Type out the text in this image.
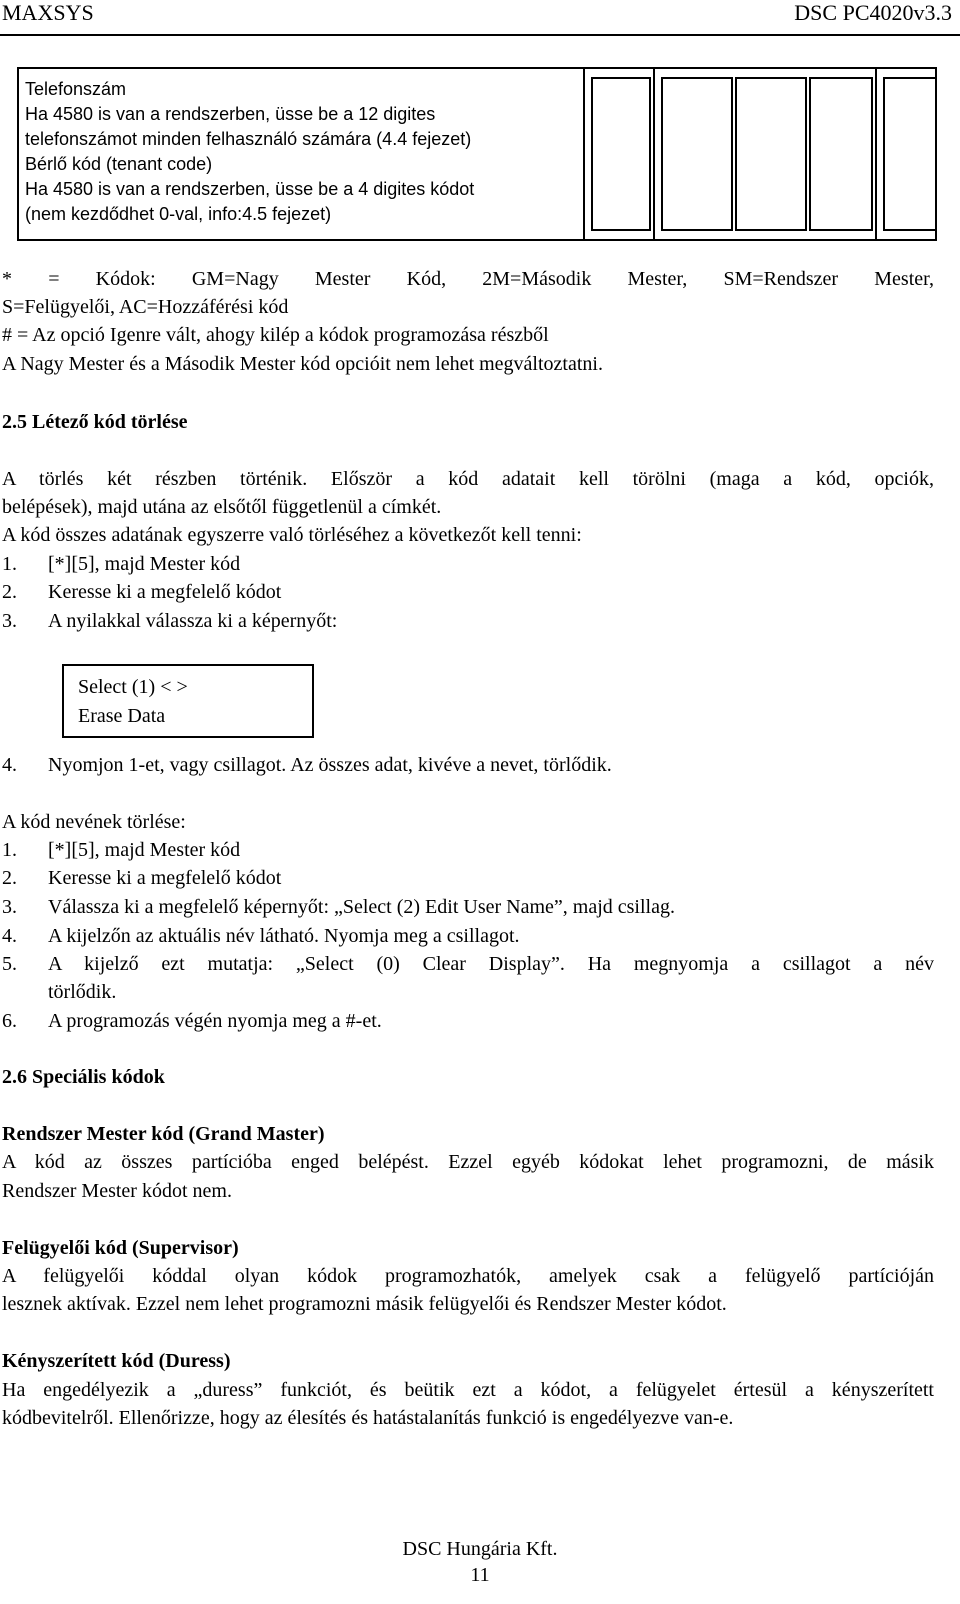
MAXSYS	DSC PC4020v3.3
Telefonszám
Ha 4580 is van a rendszerben, üsse be a 12 digites
telefonszámot minden felhasználó számára (4.4 fejezet)
Bérlő kód (tenant code)
Ha 4580 is van a rendszerben, üsse be a 4 digites kódot
(nem kezdődhet 0-val, info:4.5 fejezet)
* = Kódok: GM=Nagy Mester Kód, 2M=Második Mester, SM=Rendszer Mester,
S=Felügyelői, AC=Hozzáférési kód
# = Az opció Igenre vált, ahogy kilép a kódok programozása részből
A Nagy Mester és a Második Mester kód opcióit nem lehet megváltoztatni.
2.5 Létező kód törlése
A törlés két részben történik. Először a kód adatait kell törölni (maga a kód, opciók,
belépések), majd utána az elsőtől függetlenül a címkét.
A kód összes adatának egyszerre való törléséhez a következőt kell tenni:
1. [*][5], majd Mester kód
2. Keresse ki a megfelelő kódot
3. A nyilakkal válassza ki a képernyőt:
Select (1) < >
Erase Data
4. Nyomjon 1-et, vagy csillagot. Az összes adat, kivéve a nevet, törlődik.
A kód nevének törlése:
1. [*][5], majd Mester kód
2. Keresse ki a megfelelő kódot
3. Válassza ki a megfelelő képernyőt: „Select (2) Edit User Name”, majd csillag.
4. A kijelzőn az aktuális név látható. Nyomja meg a csillagot.
5.	A kijelző ezt mutatja: „Select (0) Clear Display”. Ha megnyomja a csillagot a név
törlődik.
6. A programozás végén nyomja meg a #-et.
2.6 Speciális kódok
Rendszer Mester kód (Grand Master)
A kód az összes partícióba enged belépést. Ezzel egyéb kódokat lehet programozni, de másik
Rendszer Mester kódot nem.
Felügyelői kód (Supervisor)
A felügyelői kóddal olyan kódok programozhatók, amelyek csak a felügyelő partícióján
lesznek aktívak. Ezzel nem lehet programozni másik felügyelői és Rendszer Mester kódot.
Kényszerített kód (Duress)
Ha engedélyezik a „duress” funkciót, és beütik ezt a kódot, a felügyelet értesül a kényszerített
kódbevitelről. Ellenőrizze, hogy az élesítés és hatástalanítás funkció is engedélyezve van-e.
DSC Hungária Kft.
11
